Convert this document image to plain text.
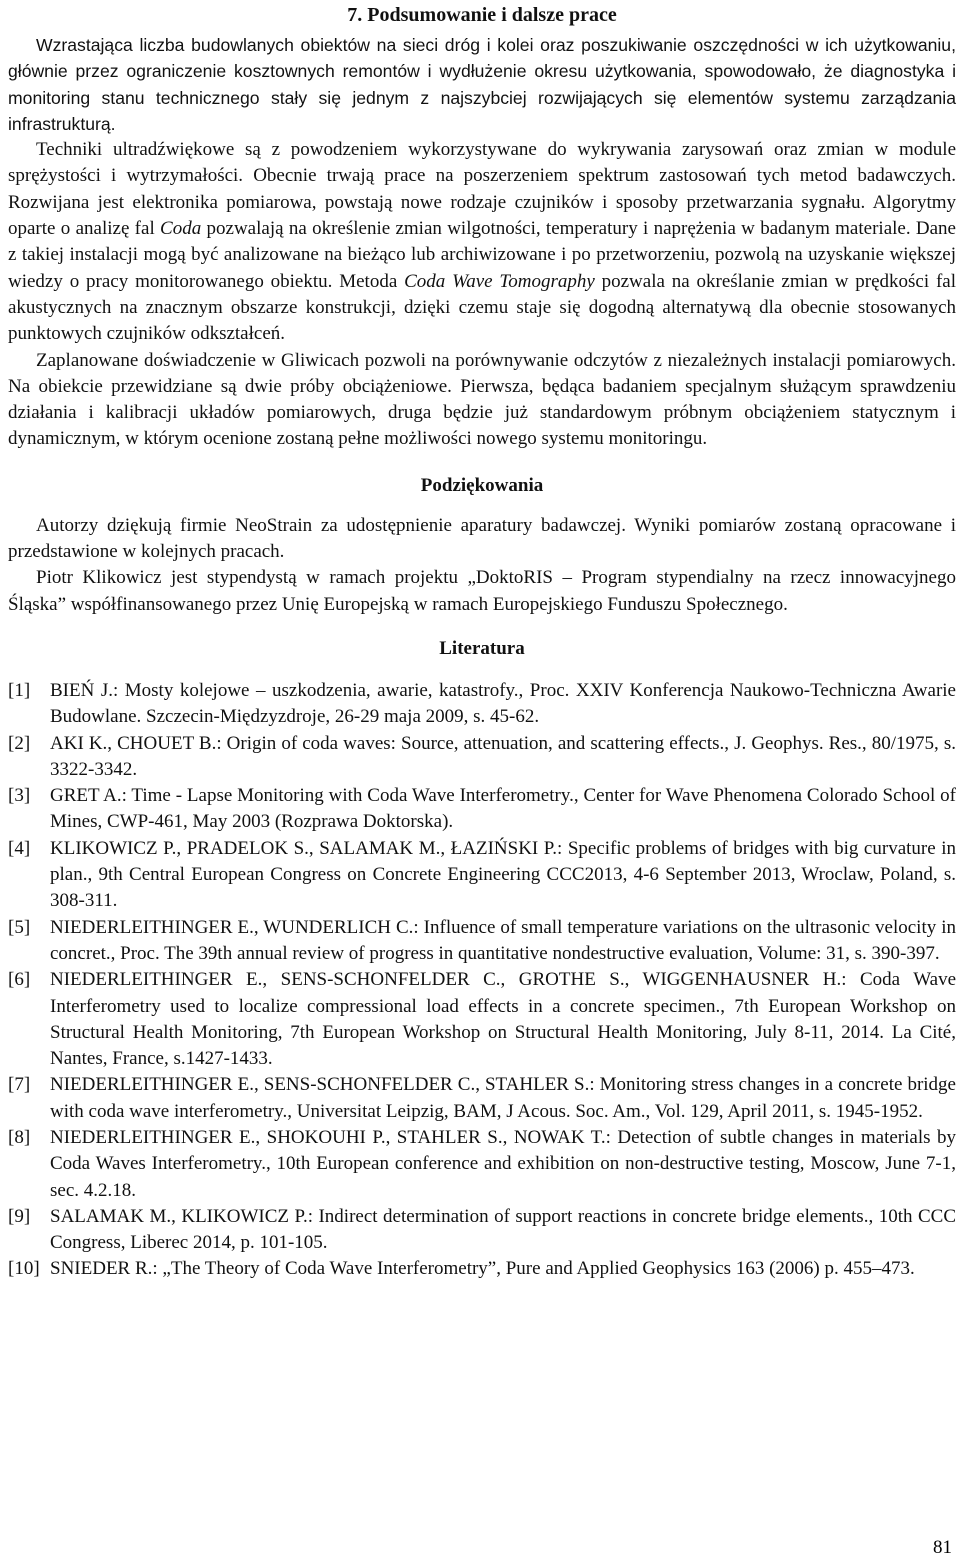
7. Podsumowanie i dalsze prace

Wzrastająca liczba budowlanych obiektów na sieci dróg i kolei oraz poszukiwanie oszczędności w ich użytkowaniu, głównie przez ograniczenie kosztownych remontów i wydłużenie okresu użytkowania, spowodowało, że diagnostyka i monitoring stanu technicznego stały się jednym z najszybciej rozwijających się elementów systemu zarządzania infrastrukturą.

Techniki ultradźwiękowe są z powodzeniem wykorzystywane do wykrywania zarysowań oraz zmian w module sprężystości i wytrzymałości. Obecnie trwają prace na poszerzeniem spektrum zastosowań tych metod badawczych. Rozwijana jest elektronika pomiarowa, powstają nowe rodzaje czujników i sposoby przetwarzania sygnału. Algorytmy oparte o analizę fal Coda pozwalają na określenie zmian wilgotności, temperatury i naprężenia w badanym materiale. Dane z takiej instalacji mogą być analizowane na bieżąco lub archiwizowane i po przetworzeniu, pozwolą na uzyskanie większej wiedzy o pracy monitorowanego obiektu. Metoda Coda Wave Tomography pozwala na określanie zmian w prędkości fal akustycznych na znacznym obszarze konstrukcji, dzięki czemu staje się dogodną alternatywą dla obecnie stosowanych punktowych czujników odkształceń.

Zaplanowane doświadczenie w Gliwicach pozwoli na porównywanie odczytów z niezależnych instalacji pomiarowych. Na obiekcie przewidziane są dwie próby obciążeniowe. Pierwsza, będąca badaniem specjalnym służącym sprawdzeniu działania i kalibracji układów pomiarowych, druga będzie już standardowym próbnym obciążeniem statycznym i dynamicznym, w którym ocenione zostaną pełne możliwości nowego systemu monitoringu.

Podziękowania

Autorzy dziękują firmie NeoStrain za udostępnienie aparatury badawczej. Wyniki pomiarów zostaną opracowane i przedstawione w kolejnych pracach.

Piotr Klikowicz jest stypendystą w ramach projektu „DoktoRIS – Program stypendialny na rzecz innowacyjnego Śląska” współfinansowanego przez Unię Europejską w ramach Europejskiego Funduszu Społecznego.

Literatura
[1]	BIEŃ J.: Mosty kolejowe – uszkodzenia, awarie, katastrofy., Proc. XXIV Konferencja Naukowo-Techniczna Awarie Budowlane. Szczecin-Międzyzdroje, 26-29 maja 2009, s. 45-62.
[2]	AKI K., CHOUET B.: Origin of coda waves: Source, attenuation, and scattering effects., J. Geophys. Res., 80/1975, s. 3322-3342.
[3]	GRET A.: Time - Lapse Monitoring with Coda Wave Interferometry., Center for Wave Phenomena Colorado School of Mines, CWP-461, May 2003 (Rozprawa Doktorska).
[4]	KLIKOWICZ P., PRADELOK S., SALAMAK M., ŁAZIŃSKI P.: Specific problems of bridges with big curvature in plan., 9th Central European Congress on Concrete Engineering CCC2013, 4-6 September 2013, Wroclaw, Poland, s. 308-311.
[5]	NIEDERLEITHINGER E., WUNDERLICH C.: Influence of small temperature variations on the ultrasonic velocity in concret., Proc. The 39th annual review of progress in quantitative nondestructive evaluation, Volume: 31, s. 390-397.
[6]	NIEDERLEITHINGER E., SENS-SCHONFELDER C., GROTHE S., WIGGENHAUSNER H.: Coda Wave Interferometry used to localize compressional load effects in a concrete specimen., 7th European Workshop on Structural Health Monitoring, 7th European Workshop on Structural Health Monitoring, July 8-11, 2014. La Cité, Nantes, France, s.1427-1433.
[7]	NIEDERLEITHINGER E., SENS-SCHONFELDER C., STAHLER S.: Monitoring stress changes in a concrete bridge with coda wave interferometry., Universitat Leipzig, BAM, J Acous. Soc. Am., Vol. 129, April 2011, s. 1945-1952.
[8]	NIEDERLEITHINGER E., SHOKOUHI P., STAHLER S., NOWAK T.: Detection of subtle changes in materials by Coda Waves Interferometry., 10th European conference and exhibition on non-destructive testing, Moscow, June 7-1, sec. 4.2.18.
[9]	SALAMAK M., KLIKOWICZ P.: Indirect determination of support reactions in concrete bridge elements., 10th CCC Congress, Liberec 2014, p. 101-105.
[10] SNIEDER R.: „The Theory of Coda Wave Interferometry”, Pure and Applied Geophysics 163 (2006) p. 455–473.
81
